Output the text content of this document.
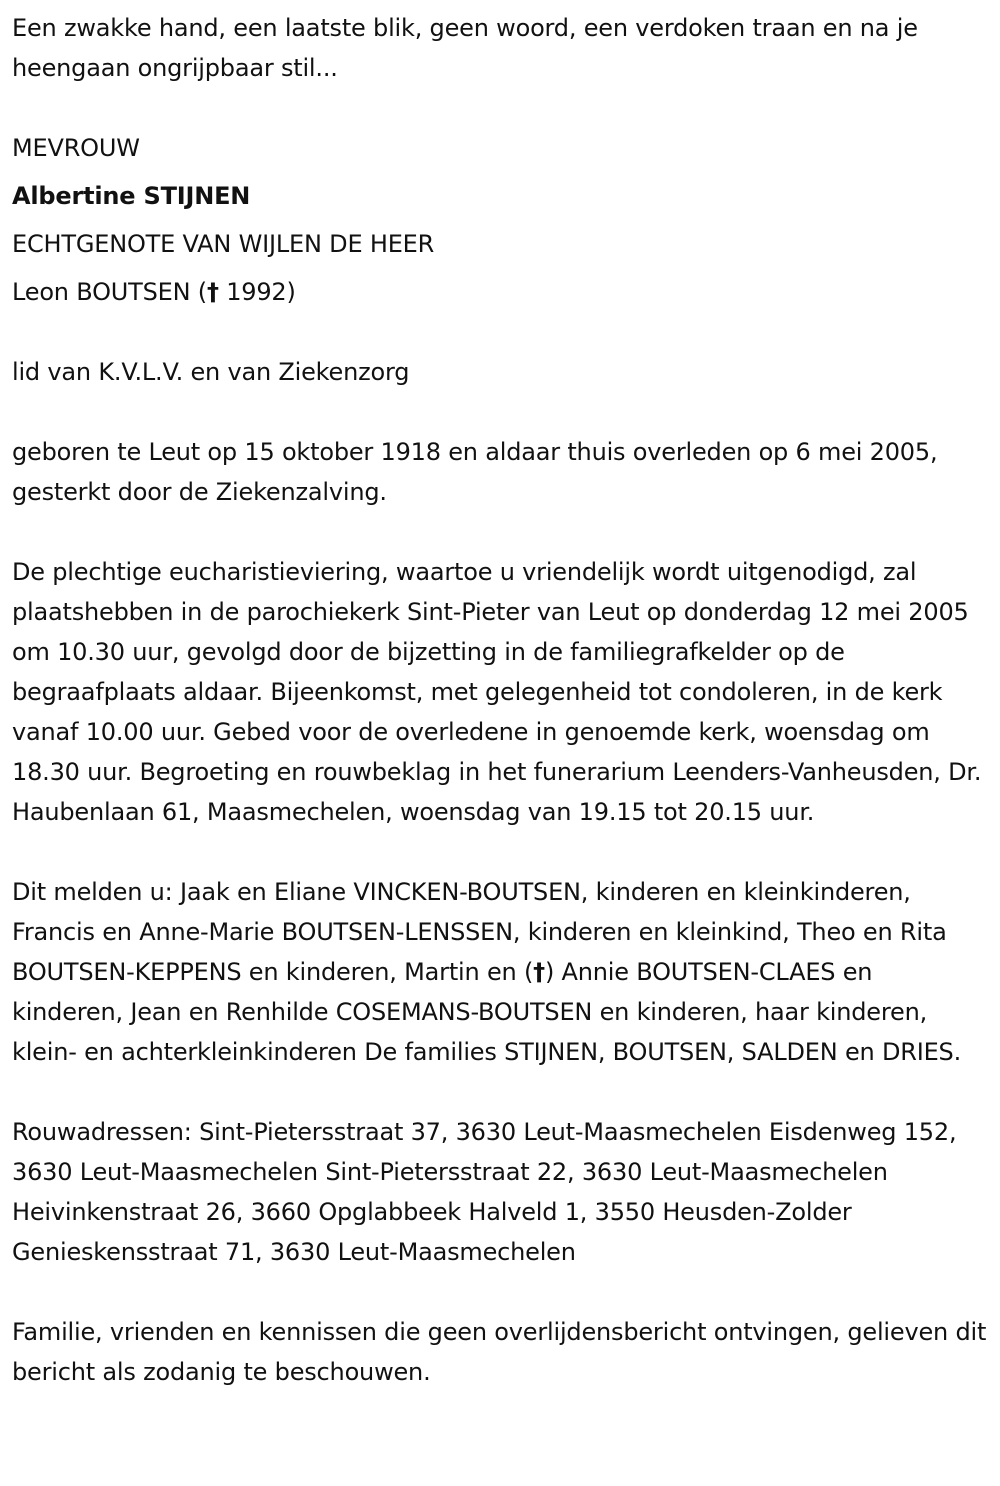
Een zwakke hand, een laatste blik, geen woord, een verdoken traan en na je heengaan ongrijpbaar stil...

MEVROUW

Albertine STIJNEN

ECHTGENOTE VAN WIJLEN DE HEER

Leon BOUTSEN († 1992)

lid van K.V.L.V. en van Ziekenzorg

geboren te Leut op 15 oktober 1918 en aldaar thuis overleden op 6 mei 2005, gesterkt door de Ziekenzalving.

De plechtige eucharistieviering, waartoe u vriendelijk wordt uitgenodigd, zal plaatshebben in de parochiekerk Sint-Pieter van Leut op donderdag 12 mei 2005 om 10.30 uur, gevolgd door de bijzetting in de familiegrafkelder op de begraafplaats aldaar. Bijeenkomst, met gelegenheid tot condoleren, in de kerk vanaf 10.00 uur. Gebed voor de overledene in genoemde kerk, woensdag om 18.30 uur. Begroeting en rouwbeklag in het funerarium Leenders-Vanheusden, Dr. Haubenlaan 61, Maasmechelen, woensdag van 19.15 tot 20.15 uur.

Dit melden u: Jaak en Eliane VINCKEN-BOUTSEN, kinderen en kleinkinderen, Francis en Anne-Marie BOUTSEN-LENSSEN, kinderen en kleinkind, Theo en Rita BOUTSEN-KEPPENS en kinderen, Martin en (†) Annie BOUTSEN-CLAES en kinderen, Jean en Renhilde COSEMANS-BOUTSEN en kinderen, haar kinderen, klein- en achterkleinkinderen De families STIJNEN, BOUTSEN, SALDEN en DRIES.

Rouwadressen: Sint-Pietersstraat 37, 3630 Leut-Maasmechelen Eisdenweg 152, 3630 Leut-Maasmechelen Sint-Pietersstraat 22, 3630 Leut-Maasmechelen Heivinkenstraat 26, 3660 Opglabbeek Halveld 1, 3550 Heusden-Zolder Genieskensstraat 71, 3630 Leut-Maasmechelen

Familie, vrienden en kennissen die geen overlijdensbericht ontvingen, gelieven dit bericht als zodanig te beschouwen.
